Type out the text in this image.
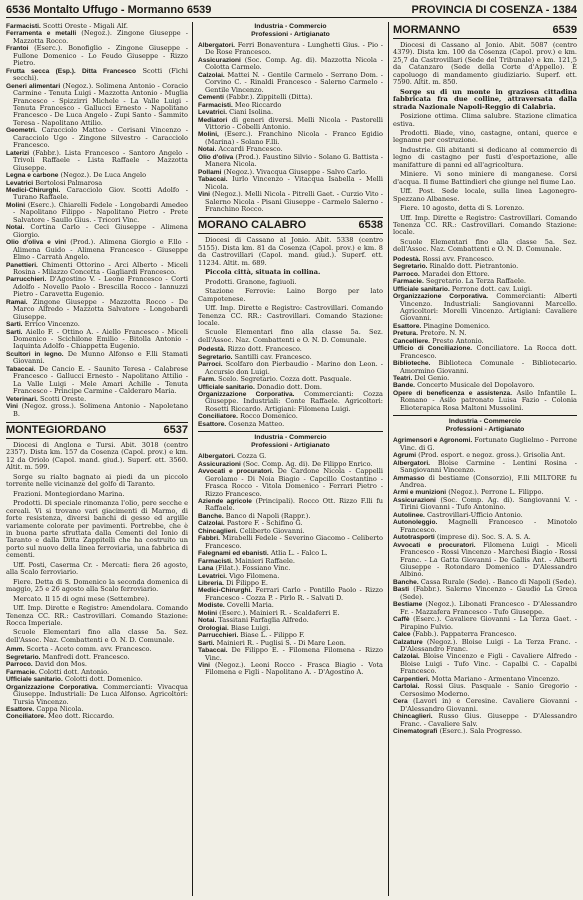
6536 Montalto Uffugo - Mormanno 6539	PROVINCIA DI COSENZA - 1384

Farmacisti. Scotti Oreste - Migali Alf.

Ferramenta e metalli (Negoz.). Zingone Giuseppe - Mazzotta Rocco.

Frantoi (Eserc.). Bonofiglio - Zingone Giuseppe - Fullone Domenico - Lo Feudo Giuseppe - Rizzo Pietro.

Frutta secca (Esp.). Ditta Francesco Scotti (Fichi secchi).

Generi alimentari (Negoz.). Solimena Antonio - Coracio Carmine - Tenuta Luigi - Mazzotta Antonio - Muglia Francesco - Spizzirri Michele - La Valle Luigi - Tenuta Francesco - Gallucci Ernesto - Napolitano Francesco - De Luca Angelo - Zupi Santo - Sammito Teresa - Napolitano Attilio.

Geometri. Caracciolo Matteo - Cerisani Vincenzo - Caracciolo Ugo - Zingone Silvestro - Caracciolo Francesco.

Laterizi (Fabbr.). Lista Francesco - Santoro Angelo - Trivoli Raffaele - Lista Raffaele - Mazzotta Giuseppe.

Legna e carbone (Negoz.). De Luca Angelo

Levatrici Bertolosi Palmarosa

Medici-Chirurghi. Caracciolo Giov. Scotti Adolfo - Turano Raffaele.

Molini (Eserc.). Chiarelli Fedele - Longobardi Amedeo - Napolitano Filippo - Napolitano Pietro - Prete Salvatore - Saullo Gius. - Tricori Vinc.

Notai. Cortina Carlo - Ceci Giuseppe - Alimena Giorgio.

Olio d'oliva e vini (Prod.). Alimena Giorgio e F.llo - Alimena Guido - Alimena Francesco - Giuseppe Elmo - Carratà Angelo.

Panettieri. Chimenti Ottorino - Arci Alberto - Miceli Rosina - Milazzo Concetta - Gagliardi Francesco.

Parrucchieri. D'Agostino V. - Leone Francesco - Corti Adolfo - Novello Paolo - Brescilla Rocco - Iannuzzi Pietro - Caravetta Eugenio.

Ramai. Zingone Giuseppe - Mazzotta Rocco - De Marco Alfredo - Mazzotta Salvatore - Longobardi Giuseppe.

Sarti. Errico Vincenzo.

Sarti. Aiello F. - Ottino A. - Aiello Francesco - Miceli Domenico - Scichilone Emilio - Bitolla Antonio - Iaquinta Adolfo - Chiappetta Eugenio.

Scultori in legno. De Munno Alfonso e F.lli Stamati Giovanni.

Tabaccai. De Cancio E. - Saunito Teresa - Calabrese Francesco - Gallucci Ernesto - Napolitano Attilio - La Valle Luigi - Mele Amari Achille - Tenuta Francesco - Principe Carmine - Calderaro Maria.

Veterinari. Scotti Oreste.

Vini (Negoz. gross.). Solimena Antonio - Napoletano B.

MONTEGIORDANO	6537

Diocesi di Anglona e Tursi. Abit. 3018 (centro 2357). Dista km. 157 da Cosenza (Capol. prov.) e km. 12 da Oriolo (Capol. mand. giud.). Superf. ett. 3560. Altit. m. 599.

Sorge su rialto bagnato ai piedi da un piccolo torrente nelle vicinanze del golfo di Taranto.

Frazioni. Montegiordano Marina.

Prodotti. Di speciale rinomanza l'olio, pere secche e cereali. Vi si trovano vari giacimenti di Marmo, di forte resistenza, diversi banchi di gesso ed argille variamente colorate per pavimenti. Portrebbe, che è in buona parte sfruttata dalla Cementi del Ionio di Taranto e dalla Ditta Zappitelli che ha costruito un porto sul nuovo della linea ferroviaria, una fabbrica di cementi.

Uff. Posti, Caserma Cr. - Mercati: fiera 26 agosto, alla Scalo ferroviario.

Fiere. Detta di S. Domenico la seconda domenica di maggio, 25 e 26 agosto alla Scalo ferroviario.

Mercato. Il 15 di ogni mese (Settembre).

Uff. Imp. Dirette e Registro: Amendolara. Comando Tenenza CC. RR.: Castrovillari. Comando Stazione: Rocca Imperiale.

Scuole Elementari fino alla classe 5a. Sez. dell'Assoc. Naz. Combattenti e O. N. D. Comunale.

Amm. Scorta - Aceto comm. avv. Francesco.

Segretario. Manfredi dott. Francesco.

Parroco. David don Mos.

Farmacie. Colotti dott. Antonio.

Ufficiale sanitario. Colotti dott. Domenico.

Organizzazione Corporativa. Commercianti: Vivacqua Giuseppe. Industriali: De Luca Alfonso. Agricoltori: Tursia Vincenzo.

Esattore. Cappa Nicola.

Conciliatore. Meo dott. Riccardo.

Industria - Commercio
Professioni - Artigianato

Albergatori. Ferri Bonaventura - Lunghetti Gius. - Pio - De Rose Francesco.

Assicurazioni (Soc. Comp. Ag. di). Mazzotta Nicola - Colotta Carmelo.

Calzolai. Mattei N. - Gentile Carmelo - Serrano Dom. - Corvino C. - Rinaldi Francesco - Salerno Carmelo - Gentile Vincenzo.

Cementi (Fabbr.). Zippitelli (Ditta).

Farmacisti. Meo Riccardo

Levatrici. Ciani Isolina.

Mediatori di generi diversi. Melli Nicola - Pastorelli Vittorio - Cobelli Antonio.

Molini, (Eserc.). Franchino Nicola - Franco Egidio (Marina) - Solano F.lli.

Notai. Accardi Francesco.

Olio d'oliva (Prod.). Faustino Silvio - Solano G. Battista - Manera Nicola.

Pollami (Negoz.). Vivacqua Giuseppe - Salvo Carlo.

Tabaccai. Iurlo Vincenzo - Vitacqua Isabella - Melli Nicola.

Vini (Negoz.). Melli Nicola - Pitrelli Gaet. - Curzio Vito - Salerno Nicola - Pisani Giuseppe - Carmelo Salerno - Franchino Rocco.

MORANO CALABRO	6538

Diocesi di Cassano al Jonio. Abit. 5338 (centro 5155). Dista km. 81 da Cosenza (Capol. prov.) e km. 8 da Castrovillari (Capol. mand. giud.). Superf. ett. 11234. Altit. m. 689.

Piccola città, situata in collina.

Prodotti. Granone, fagiuoli.

Stazione Ferrovie: Laino Borgo per lato Campotenese.

Uff. Imp. Dirette e Registro: Castrovillari. Comando Tenenza CC. RR.: Castrovillari. Comando Stazione: locale.

Scuole Elementari fino alla classe 5a. Sez. dell'Assoc. Naz. Combattenti e O. N. D. Comunale.

Podestà. Rizzo dott. Francesco.

Segretario. Santilli cav. Francesco.

Parroci. Scolfaro don Pierbaudio - Marino don Leon. - Accursio don Luigi.

Farm. Scelo. Segretario. Cozza dott. Pasquale.

Ufficiale sanitario. Donadio dott. Dom.

Organizzazione Corporativa. Commercianti: Cozza Giuseppe. Industriali: Conte Raffaele. Agricoltori: Rosetti Riccardo. Artigiani: Filomena Luigi.

Conciliatore. Rocco Domenico.

Esattore. Cosenza Matteo.

Industria - Commercio
Professioni - Artigianato

Albergatori. Cozza G.

Assicurazioni (Soc. Comp. Ag. di). De Filippo Enrico.

Avvocati e procuratori. De Cardone Nicola - Cappelli Gerolamo - Di Noia Biagio - Capcillo Costantino - Frasca Rocco - Vitola Domenico - Ferrari Pietro - Rizzo Francesco.

Aziende agricole (Principali). Rocco Ott. Rizzo F.lli fu Raffaele.

Banche. Banco di Napoli (Rappr.).

Calzolai. Pastore F. - Schifino G.

Chincaglieri. Celiberto Giovanni.

Fabbri. Mirabelli Fedele - Severino Giacomo - Celiberto Francesco.

Falegnami ed ebanisti. Atlia L. - Falco L.

Farmacisti. Mainieri Raffaele.

Lana (Filat.). Fossiano Vinc.

Levatrici. Vigo Filomena.

Libreria. Di Filippo E.

Medici-Chirurghi. Ferrari Carlo - Pontillo Paolo - Rizzo Francesco - Cozza P. - Pirlo R. - Salvati D.

Modiste. Covelli Maria.

Molini (Eserc.). Mainieri R. - Scaldaferri E.

Notai. Tassitani Farfaglia Alfredo.

Orologiai. Biase Luigi.

Parrucchieri. Biase L. - Filippo F.

Sarti. Mainieri R. - Puglisi S. - Di Mare Leon.

Tabaccai. De Filippo E. - Filomena Filomena - Rizzo Vinc.

Vini (Negoz.). Leoni Rocco - Frasca Biagio - Vota Filomena e Figli - Napolitano A. - D'Agostino A.

MORMANNO	6539

Diocesi di Cassano al Jonio. Abit. 5087 (centro 4379). Dista km. 100 da Cosenza (Capol. prov.) e km. 25,7 da Castrovillari (Sede del Tribunale) e km. 121,5 da Catanzaro (Sede della Corte d'Appello). È capoluogo di mandamento giudiziario. Superf. ett. 7590. Altit. m. 850.

Sorge su di un monte in graziosa cittadina fabbricata fra due colline, attraversata dalla strada Nazionale Napoli-Reggio di Calabria.

Posizione ottima. Clima salubre. Stazione climatica estiva.

Prodotti. Biade, vino, castagne, ontani, querce e legname per costruzione.

Industrie. Gli abitanti si dedicano al commercio di legno di castagno per fusti d'esportazione, alle manifatture di panni ed all'agricoltura.

Miniere. Vi sono miniere di manganese. Corsi d'acqua. Il fiume Battindieri che giunge nel fiume Lao.

Uff. Post. Sede locale, sulla linea Lagonegro-Spezzano Albanese.

Fiere. 10 agosto, detta di S. Lorenzo.

Uff. Imp. Dirette e Registro: Castrovillari. Comando Tenenza CC. RR.: Castrovillari. Comando Stazione: locale.

Scuole Elementari fino alla classe 5a. Sez. dell'Assoc. Naz. Combattenti e O. N. D. Comunale.

Podestà. Rossi avv. Francesco.

Segretario. Rinaldo dott. Pietrantonio.

Parroco. Maradei don Ettore.

Farmacie. Segretario. La Terza Raffaele.

Ufficiale sanitario. Perrone dott. cav. Luigi.

Organizzazione Corporativa. Commercianti: Alberti Vincenzo. Industriali: Sangiovanni Marcello. Agricoltori: Morelli Vincenzo. Artigiani: Cavaliere Giovanni.

Esattore. Pinagine Domenico.

Pretura. Pretore. N. N.

Cancelliere. Presto Antonio.

Ufficio di Conciliazione. Conciliatore. La Rocca dott. Francesco.

Biblioteche. Biblioteca Comunale - Bibliotecario. Amormino Giovanni.

Teatri. Del Genio.

Bande. Concerto Musicale del Dopolavoro.

Opere di beneficenza e assistenza. Asilo Infantile L. Romano - Asilo patronato Luisa Fazio - Colonia Elioterapica Rosa Maltoni Mussolini.

Industria - Commercio
Professioni - Artigianato

Agrimensori e Agronomi. Fortunato Guglielmo - Perrone Vinc. di G.

Agrumi (Prod. esport. e negoz. gross.). Grisolia Ant.

Albergatori. Bloise Carmine - Lentini Rosina - Sangiovanni Vincenzo.

Ammasso di bestiame (Consorzio), F.lli MILTORE fu Andrea.

Armi e munizioni (Negoz.). Perrone L. Filippo.

Assicurazioni (Soc. Comp. Ag. di). Sangiovanni V. - Tirini Giovanni - Tufo Antonino.

Autolinee. Castrovillari-Ufficio Antonio.

Autonoleggio. Magnelli Francesco - Minotolo Francesco.

Autotrasporti (imprese di). Soc. S. A. S. A.

Avvocati e procuratori. Filomena Luigi - Miceli Francesco - Rossi Vincenzo - Marchesi Biagio - Rossi Franc. - La Gatta Giovanni - De Gallis Ant. - Alberti Giuseppe - Rotondaro Domenico - D'Alessandro Albino.

Banche. Cassa Rurale (Sede). - Banco di Napoli (Sede).

Basti (Fabbr.). Salerno Vincenzo - Gaudio La Greca (Sede).

Bestiame (Negoz.). Libonati Francesco - D'Alessandro Fr. - Mazzafera Francesco - Tufo Giuseppe.

Caffè (Eserc.). Cavaliere Giovanni - La Terza Gaet. - Pirapino Fulvio.

Calce (Fabb.). Pappaterra Francesco.

Calzature (Negoz.). Bloise Luigi - La Terza Franc. - D'Alessandro Franc.

Calzolai. Bloise Vincenzo e Figli - Cavaliere Alfredo - Bloise Luigi - Tufo Vinc. - Capalbi C. - Capalbi Francesco.

Carpentieri. Motta Mariano - Armentano Vincenzo.

Cartolai. Rossi Gius. Pasquale - Sanio Gregorio - Cersosimo Moderno.

Cera (Lavori in) e Ceresine. Cavaliere Giovanni - D'Alessandro Giovanni.

Chincaglieri. Russo Gius. Giuseppe - D'Alessandro Franc. - Cavaliere Salv.

Cinematografi (Eserc.). Sala Progresso.
